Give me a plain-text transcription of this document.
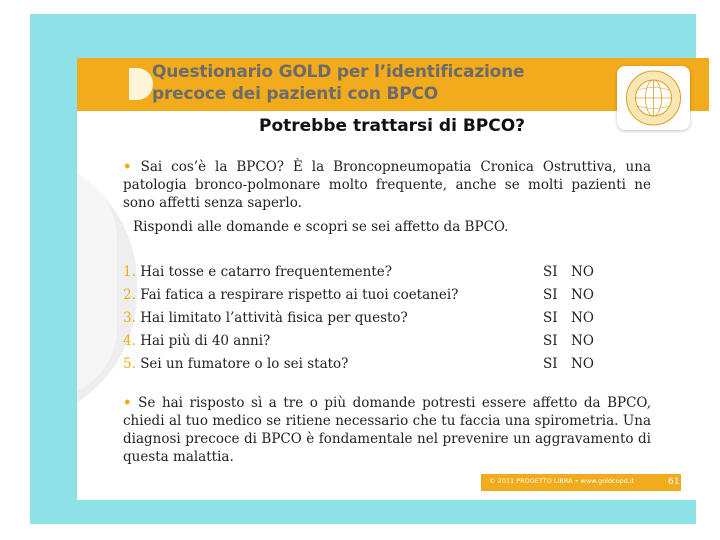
Questionario GOLD per l’identificazione
precoce dei pazienti con BPCO
Potrebbe trattarsi di BPCO?
• Sai cos’è la BPCO? È la Broncopneumopatia Cronica Ostruttiva, una patologia bronco-polmonare molto frequente, anche se molti pazienti ne sono affetti senza saperlo.
Rispondi alle domande e scopri se sei affetto da BPCO.
1. Hai tosse e catarro frequentemente?	SI NO
2. Fai fatica a respirare rispetto ai tuoi coetanei?	SI NO
3. Hai limitato l’attività fisica per questo?	SI NO
4. Hai più di 40 anni?	SI NO
5. Sei un fumatore o lo sei stato?	SI NO
• Se hai risposto sì a tre o più domande potresti essere affetto da BPCO, chiedi al tuo medico se ritiene necessario che tu faccia una spirometria. Una diagnosi precoce di BPCO è fondamentale nel prevenire un aggravamento di questa malattia.
© 2011 PROGETTO LIBRA • www.goldcopd.it	61
